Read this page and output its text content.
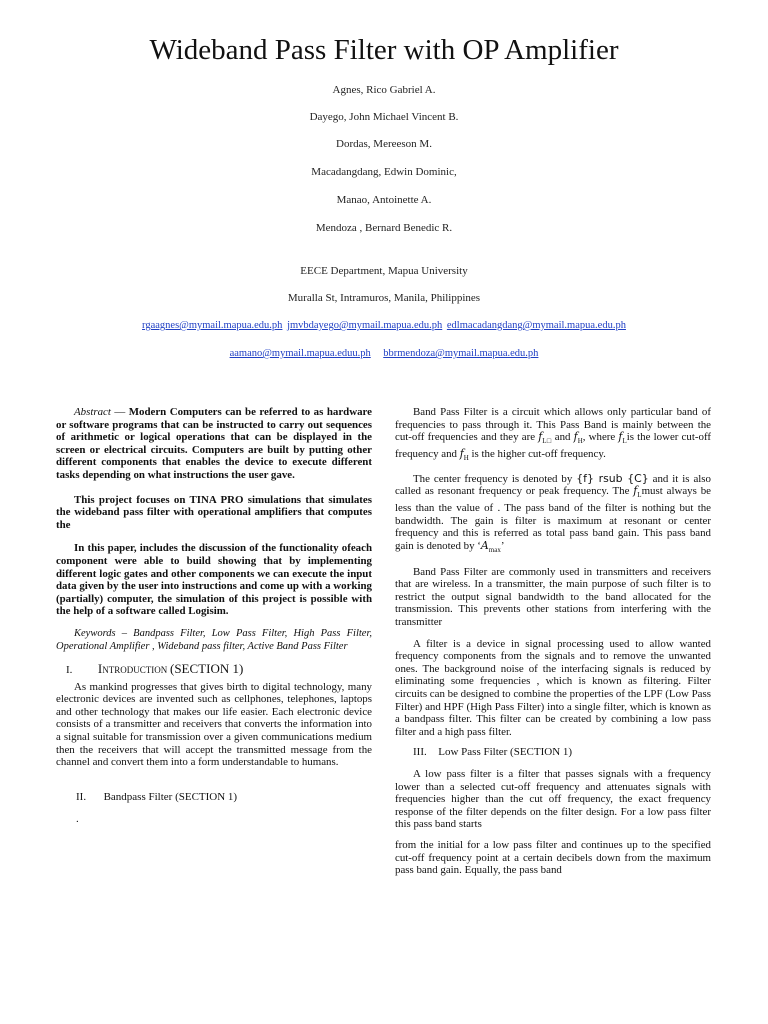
Wideband Pass Filter with OP Amplifier
Agnes, Rico Gabriel A.
Dayego, John Michael Vincent B.
Dordas, Mereeson M.
Macadangdang, Edwin Dominic,
Manao, Antoinette A.
Mendoza , Bernard Benedic R.
EECE Department, Mapua University
Muralla St, Intramuros, Manila, Philippines
rgaagnes@mymail.mapua.edu.ph jmvbdayego@mymail.mapua.edu.ph edlmacadangdang@mymail.mapua.edu.ph
aamano@mymail.mapua.eduu.ph bbrmendoza@mymail.mapua.edu.ph

Abstract — Modern Computers can be referred to as hardware or software programs that can be instructed to carry out sequences of arithmetic or logical operations that can be displayed in the screen or electrical circuits. Computers are built by putting other different components that enables the device to execute different tasks depending on what instructions the user gave.

This project focuses on TINA PRO simulations that simulates the wideband pass filter with operational amplifiers that computes the

In this paper, includes the discussion of the functionality ofeach component were able to build showing that by implementing different logic gates and other components we can execute the input data given by the user into instructions and come up with a working (partially) computer, the simulation of this project is possible with the help of a software called Logisim.

Keywords – Bandpass Filter, Low Pass Filter, High Pass Filter, Operational Amplifier , Wideband pass filter, Active Band Pass Filter

I. Introduction (SECTION 1)

As mankind progresses that gives birth to digital technology, many electronic devices are invented such as cellphones, telephones, laptops and other technology that makes our life easier. Each electronic device consists of a transmitter and receivers that converts the information into a signal suitable for transmission over a given communications medium then the receivers that will accept the transmitted message from the channel and convert them into a form understandable to humans.

II. Bandpass Filter (SECTION 1)

.

Band Pass Filter is a circuit which allows only particular band of frequencies to pass through it. This Pass Band is mainly between the cut-off frequencies and they are $f_{L□}$ and $f_H$, where $f_Lis$ the lower cut-off frequency and $f_H$ is the higher cut-off frequency.

The center frequency is denoted by {f} rsub {C} and it is also called as resonant frequency or peak frequency. The $f_Lmust$ always be less than the value of . The pass band of the filter is nothing but the bandwidth. The gain is filter is maximum at resonant or center frequency and this is referred as total pass band gain. This pass band gain is denoted by ‘$A_{max}$’

Band Pass Filter are commonly used in transmitters and receivers that are wireless. In a transmitter, the main purpose of such filter is to restrict the output signal bandwidth to the band allocated for the transmission. This prevents other stations from interfering with the transmitter

A filter is a device in signal processing used to allow wanted frequency components from the signals and to remove the unwanted ones. The background noise of the interfacing signals is reduced by eliminating some frequencies , which is known as filtering. Filter circuits can be designed to combine the properties of the LPF (Low Pass Filter) and HPF (High Pass Filter) into a single filter, which is known as a bandpass filter. This filter can be created by combining a low pass filter and a high pass filter.

III. Low Pass Filter (SECTION 1)

A low pass filter is a filter that passes signals with a frequency lower than a selected cut-off frequency and attenuates signals with frequencies higher than the cut off frequency, the exact frequency response of the filter depends on the filter design. For a low pass filter this pass band starts

from the initial for a low pass filter and continues up to the specified cut-off frequency point at a certain decibels down from the maximum pass band gain. Equally, the pass band
